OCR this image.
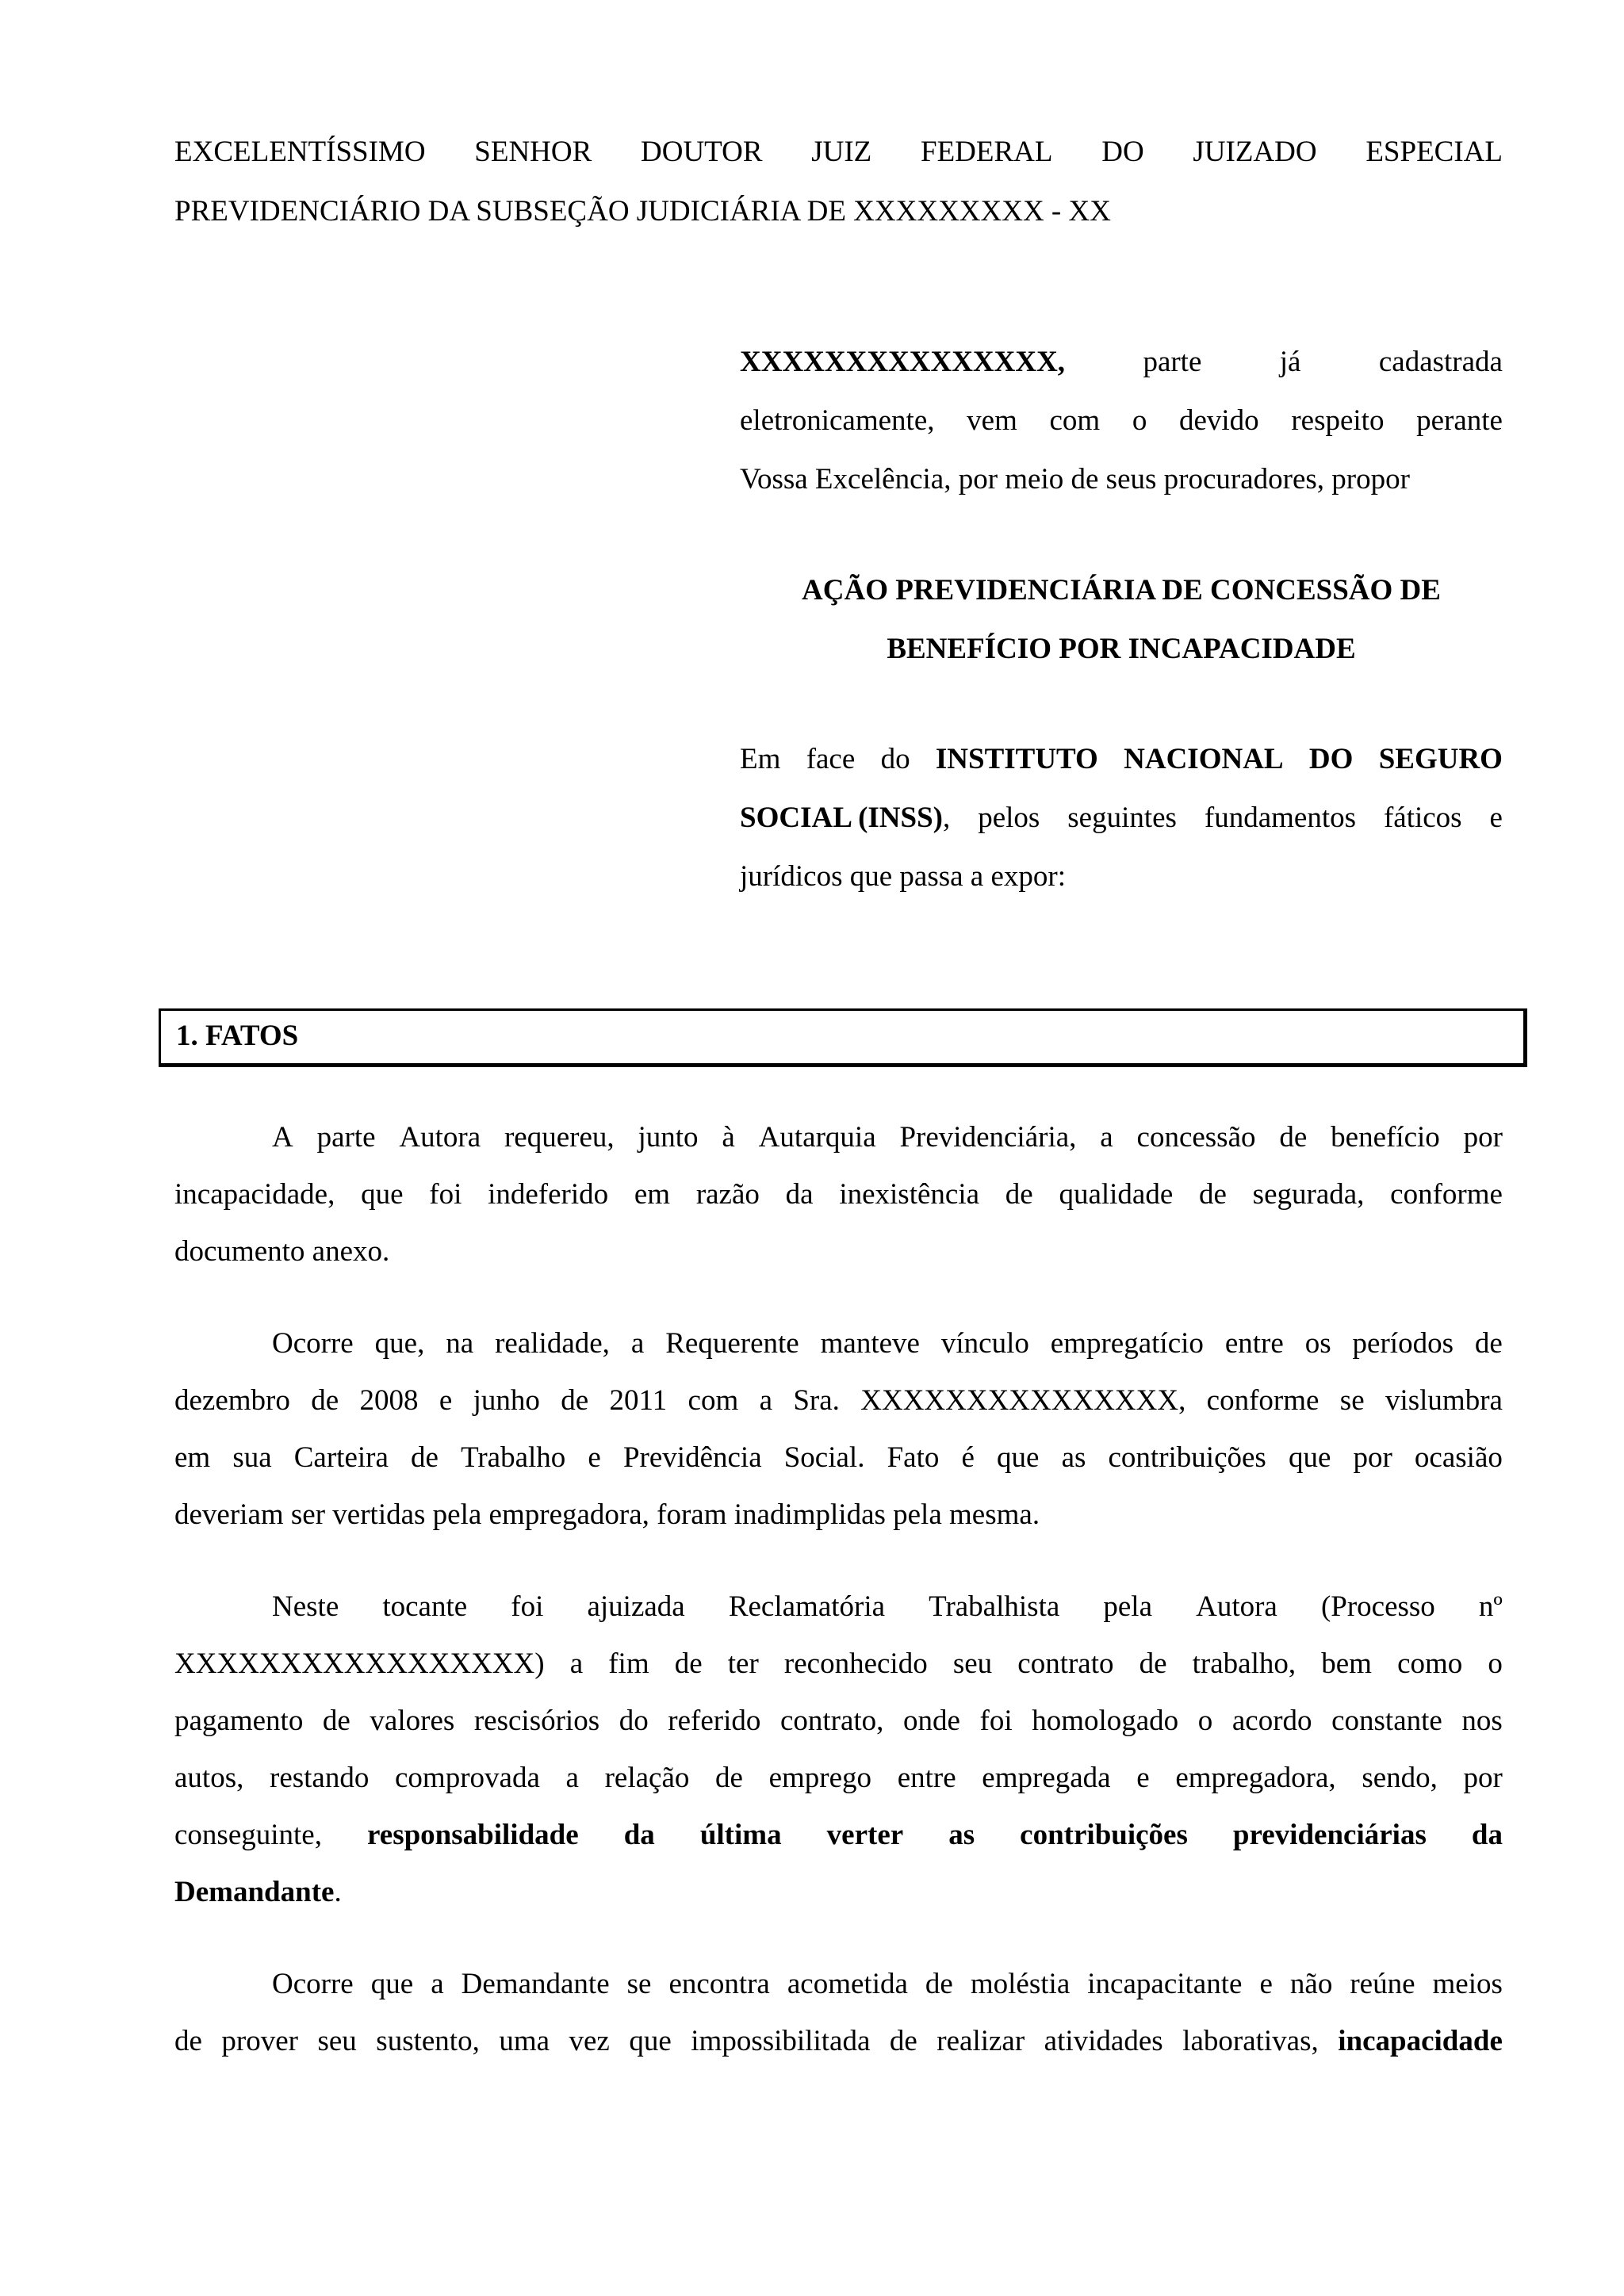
EXCELENTÍSSIMO SENHOR DOUTOR JUIZ FEDERAL DO JUIZADO ESPECIAL
PREVIDENCIÁRIO DA SUBSEÇÃO JUDICIÁRIA DE XXXXXXXXX - XX
XXXXXXXXXXXXXXX,	parte	já	cadastrada
eletronicamente, vem com o devido respeito perante
Vossa Excelência, por meio de seus procuradores, propor
AÇÃO PREVIDENCIÁRIA DE CONCESSÃO DE
BENEFÍCIO POR INCAPACIDADE
Em face do INSTITUTO NACIONAL DO SEGURO
SOCIAL (INSS), pelos seguintes fundamentos fáticos e
jurídicos que passa a expor:
1. FATOS
A parte Autora requereu, junto à Autarquia Previdenciária, a concessão de benefício por
incapacidade, que foi indeferido em razão da inexistência de qualidade de segurada, conforme
documento anexo.
Ocorre que, na realidade, a Requerente manteve vínculo empregatício entre os períodos de
dezembro de 2008 e junho de 2011 com a Sra. XXXXXXXXXXXXXXX, conforme se vislumbra
em sua Carteira de Trabalho e Previdência Social. Fato é que as contribuições que por ocasião
deveriam ser vertidas pela empregadora, foram inadimplidas pela mesma.
Neste tocante foi ajuizada Reclamatória Trabalhista pela Autora (Processo nº
XXXXXXXXXXXXXXXXX) a fim de ter reconhecido seu contrato de trabalho, bem como o
pagamento de valores rescisórios do referido contrato, onde foi homologado o acordo constante nos
autos, restando comprovada a relação de emprego entre empregada e empregadora, sendo, por
conseguinte, responsabilidade da última verter as contribuições previdenciárias da
Demandante.
Ocorre que a Demandante se encontra acometida de moléstia incapacitante e não reúne meios
de prover seu sustento, uma vez que impossibilitada de realizar atividades laborativas, incapacidade
